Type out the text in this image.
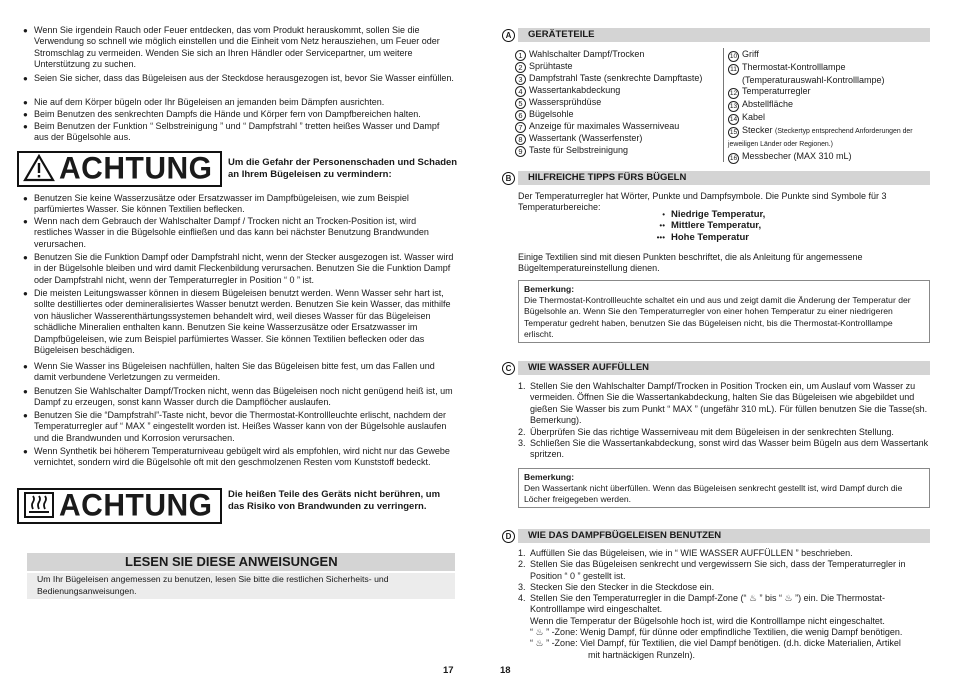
● Wenn Sie irgendein Rauch oder Feuer entdecken, das vom Produkt herauskommt, sollen Sie die Verwendung so schnell wie möglich einstellen und die Einheit vom Netz herausziehen, um Feuer oder Stromschlag zu vermeiden. Wenden Sie sich an Ihren Händler oder Servicepartner, um weitere Unterstützung zu suchen.
● Seien Sie sicher, dass das Bügeleisen aus der Steckdose herausgezogen ist, bevor Sie Wasser einfüllen.
● Nie auf dem Körper bügeln oder Ihr Bügeleisen an jemanden beim Dämpfen ausrichten.
● Beim Benutzen des senkrechten Dampfs die Hände und Körper fern von Dampfbereichen halten.
● Beim Benutzen der Funktion “ Selbstreinigung ” und “ Dampfstrahl ” tretten heißes Wasser und Dampf aus der Bügelsohle aus.
ACHTUNG Um die Gefahr der Personenschaden und Schaden an Ihrem Bügeleisen zu vermindern:
● Benutzen Sie keine Wasserzusätze oder Ersatzwasser im Dampfbügeleisen, wie zum Beispiel parfümiertes Wasser. Sie können Textilien beflecken.
● Wenn nach dem Gebrauch der Wahlschalter Dampf / Trocken nicht an Trocken-Position ist, wird restliches Wasser in die Bügelsohle einfließen und das kann bei nächster Benutzung Brandwunden verursachen.
● Benutzen Sie die Funktion Dampf oder Dampfstrahl nicht, wenn der Stecker ausgezogen ist. Wasser wird in der Bügelsohle bleiben und wird damit Fleckenbildung verursachen. Benutzen Sie die Funktion Dampf oder Dampfstrahl nicht, wenn der Temperaturregler in Position “ 0 ” ist.
● Die meisten Leitungswasser können in diesem Bügeleisen benutzt werden. Wenn Wasser sehr hart ist, sollte destilliertes oder demineralisiertes Wasser benutzt werden. Benutzen Sie kein Wasser, das mithilfe von häuslicher Wasserenthärtungssystemen behandelt wird, weil dieses Wasser für das Bügeleisen schädliche Mineralien enthalten kann. Benutzen Sie keine Wasserzusätze oder Ersatzwasser im Dampfbügeleisen, wie zum Beispiel parfümiertes Wasser. Sie können Textilien beflecken oder das Bügeleisen beschädigen.
● Wenn Sie Wasser ins Bügeleisen nachfüllen, halten Sie das Bügeleisen bitte fest, um das Fallen und damit verbundene Verletzungen zu vermeiden.
● Benutzen Sie Wahlschalter Dampf/Trocken nicht, wenn das Bügeleisen noch nicht genügend heiß ist, um Dampf zu erzeugen, sonst kann Wasser durch die Dampflöcher auslaufen.
● Benutzen Sie die “Dampfstrahl”-Taste nicht, bevor die Thermostat-Kontrollleuchte erlischt, nachdem der Temperaturregler auf “ MAX ” eingestellt worden ist. Heißes Wasser kann von der Bügelsohle auslaufen und die Brandwunden und Korrosion verursachen.
● Wenn Synthetik bei höherem Temperaturniveau gebügelt wird als empfohlen, wird nicht nur das Gewebe vernichtet, sondern wird die Bügelsohle oft mit den geschmolzenen Resten vom Kunststoff bedeckt.
ACHTUNG Die heißen Teile des Geräts nicht berühren, um das Risiko von Brandwunden zu verringern.
LESEN SIE DIESE ANWEISUNGEN
Um Ihr Bügeleisen angemessen zu benutzen, lesen Sie bitte die restlichen Sicherheits- und Bedienungsanweisungen.
17
A	GERÄTETEILE
1 Wahlschalter Dampf/Trocken
2 Sprühtaste
3 Dampfstrahl Taste (senkrechte Dampftaste)
4 Wassertankabdeckung
5 Wassersprühdüse
6 Bügelsohle
7 Anzeige für maximales Wasserniveau
8 Wassertank (Wasserfenster)
9 Taste für Selbstreinigung
10 Griff
11 Thermostat-Kontrolllampe
(Temperaturauswahl-Kontrolllampe)
12 Temperaturregler
13 Abstellfläche
14 Kabel
15 Stecker (Steckertyp entsprechend Anforderungen der jeweiligen Länder oder Regionen.)
16 Messbecher (MAX 310 mL)
B	HILFREICHE TIPPS FÜRS BÜGELN
Der Temperaturregler hat Wörter, Punkte und Dampfsymbole. Die Punkte sind Symbole für 3 Temperaturbereiche:
• Niedrige Temperatur,
•• Mittlere Temperatur,
••• Hohe Temperatur
Einige Textilien sind mit diesen Punkten beschriftet, die als Anleitung für angemessene Bügeltemperatureinstellung dienen.
Bemerkung:
Die Thermostat-Kontrollleuchte schaltet ein und aus und zeigt damit die Änderung der Temperatur der Bügelsohle an. Wenn Sie den Temperaturregler von einer hohen Temperatur zu einer niedrigeren Temperatur gedreht haben, benutzen Sie das Bügeleisen nicht, bis die Thermostat-Kontrolllampe erlischt.
C	WIE WASSER AUFFÜLLEN
1. Stellen Sie den Wahlschalter Dampf/Trocken in Position Trocken ein, um Auslauf vom Wasser zu vermeiden. Öffnen Sie die Wassertankabdeckung, halten Sie das Bügeleisen wie abgebildet und gießen Sie Wasser bis zum Punkt “ MAX ” (ungefähr 310 mL). Für füllen benutzen Sie die Tasse(sh. Bemerkung).
2. Überprüfen Sie das richtige Wasserniveau mit dem Bügeleisen in der senkrechten Stellung.
3. Schließen Sie die Wassertankabdeckung, sonst wird das Wasser beim Bügeln aus dem Wassertank spritzen.
Bemerkung:
Den Wassertank nicht überfüllen. Wenn das Bügeleisen senkrecht gestellt ist, wird Dampf durch die Löcher freigegeben werden.
D	WIE DAS DAMPFBÜGELEISEN BENUTZEN
1. Auffüllen Sie das Bügeleisen, wie in “ WIE WASSER AUFFÜLLEN ” beschrieben.
2. Stellen Sie das Bügeleisen senkrecht und vergewissern Sie sich, dass der Temperaturregler in Position “ 0 ” gestellt ist.
3. Stecken Sie den Stecker in die Steckdose ein.
4. Stellen Sie den Temperaturregler in die Dampf-Zone (“ ♨ ” bis “ ♨ ”) ein. Die Thermostat-Kontrolllampe wird eingeschaltet.
Wenn die Temperatur der Bügelsohle hoch ist, wird die Kontrolllampe nicht eingeschaltet.
“ ♨ ” -Zone: Wenig Dampf, für dünne oder empfindliche Textilien, die wenig Dampf benötigen.
“ ♨ ” -Zone: Viel Dampf, für Textilien, die viel Dampf benötigen. (d.h. dicke Materialien, Artikel
mit hartnäckigen Runzeln).
18
